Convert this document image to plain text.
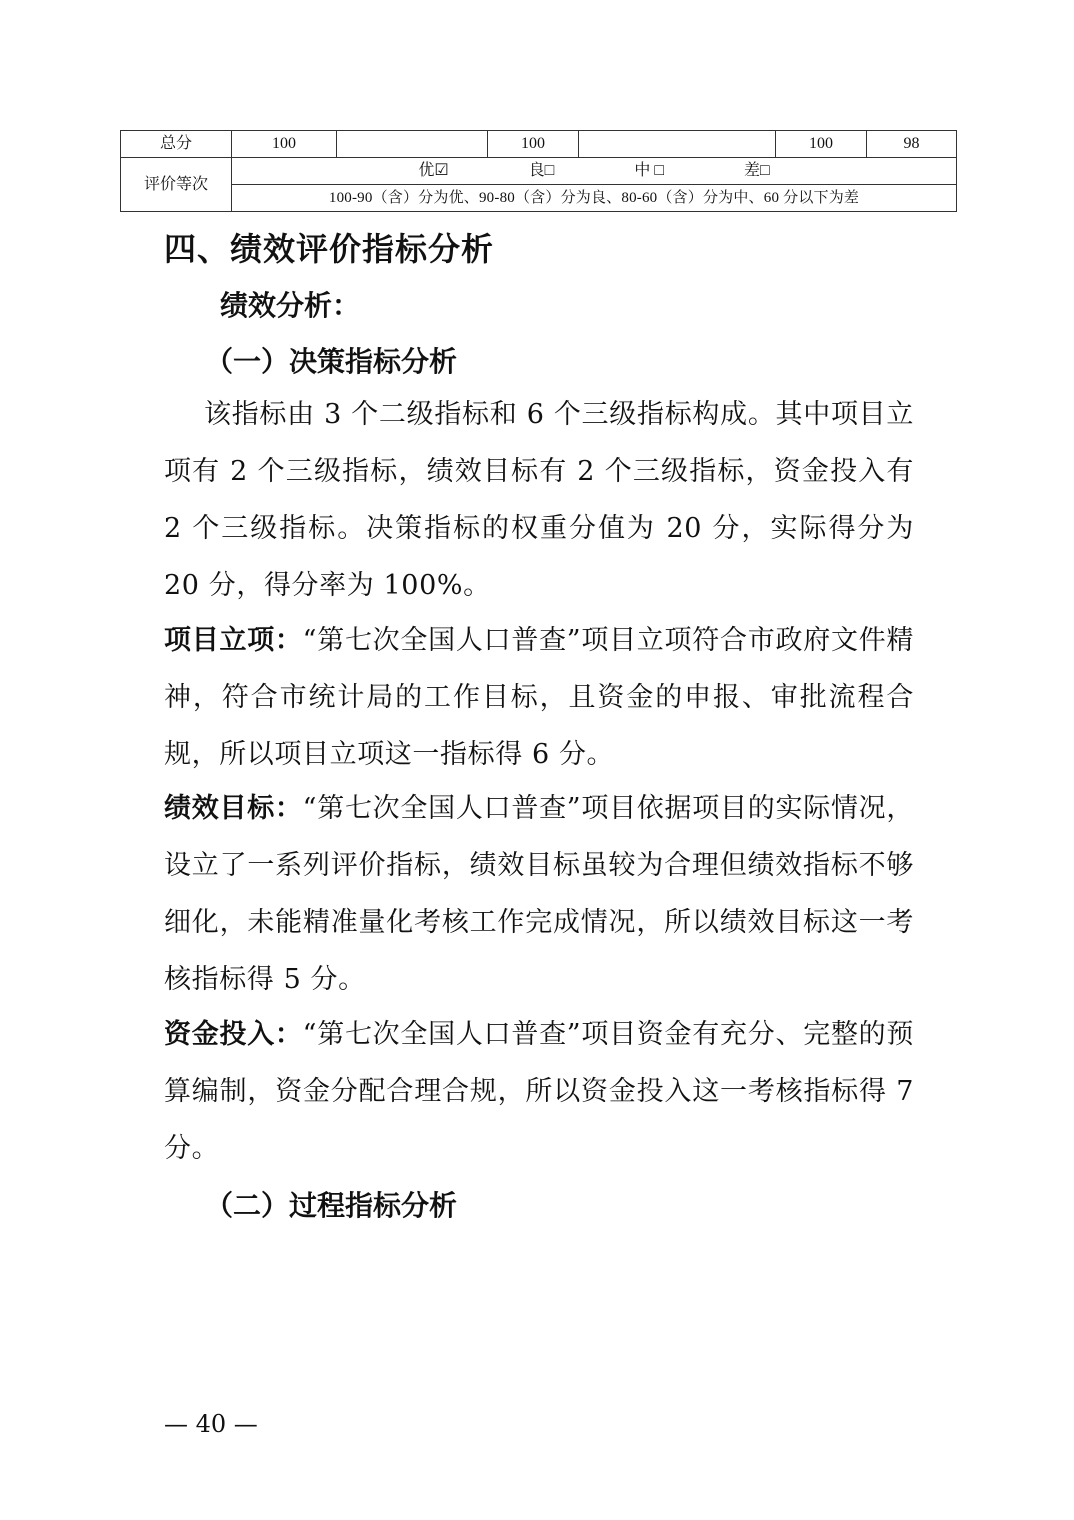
总分	100		100		100	98
评价等次	优☑ 良□ 中 □ 差□					
	100-90（含）分为优、90-80（含）分为良、80-60（含）分为中、60 分以下为差					
四、绩效评价指标分析
绩效分析：
（一）决策指标分析

该指标由 3 个二级指标和 6 个三级指标构成。其中项目立项有 2 个三级指标，绩效目标有 2 个三级指标，资金投入有 2 个三级指标。决策指标的权重分值为 20 分，实际得分为 20 分，得分率为 100%。

项目立项：“第七次全国人口普查”项目立项符合市政府文件精神，符合市统计局的工作目标，且资金的申报、审批流程合规，所以项目立项这一指标得 6 分。

绩效目标：“第七次全国人口普查”项目依据项目的实际情况，设立了一系列评价指标，绩效目标虽较为合理但绩效指标不够细化，未能精准量化考核工作完成情况，所以绩效目标这一考核指标得 5 分。

资金投入：“第七次全国人口普查”项目资金有充分、完整的预算编制，资金分配合理合规，所以资金投入这一考核指标得 7 分。

（二）过程指标分析

— 40 —
